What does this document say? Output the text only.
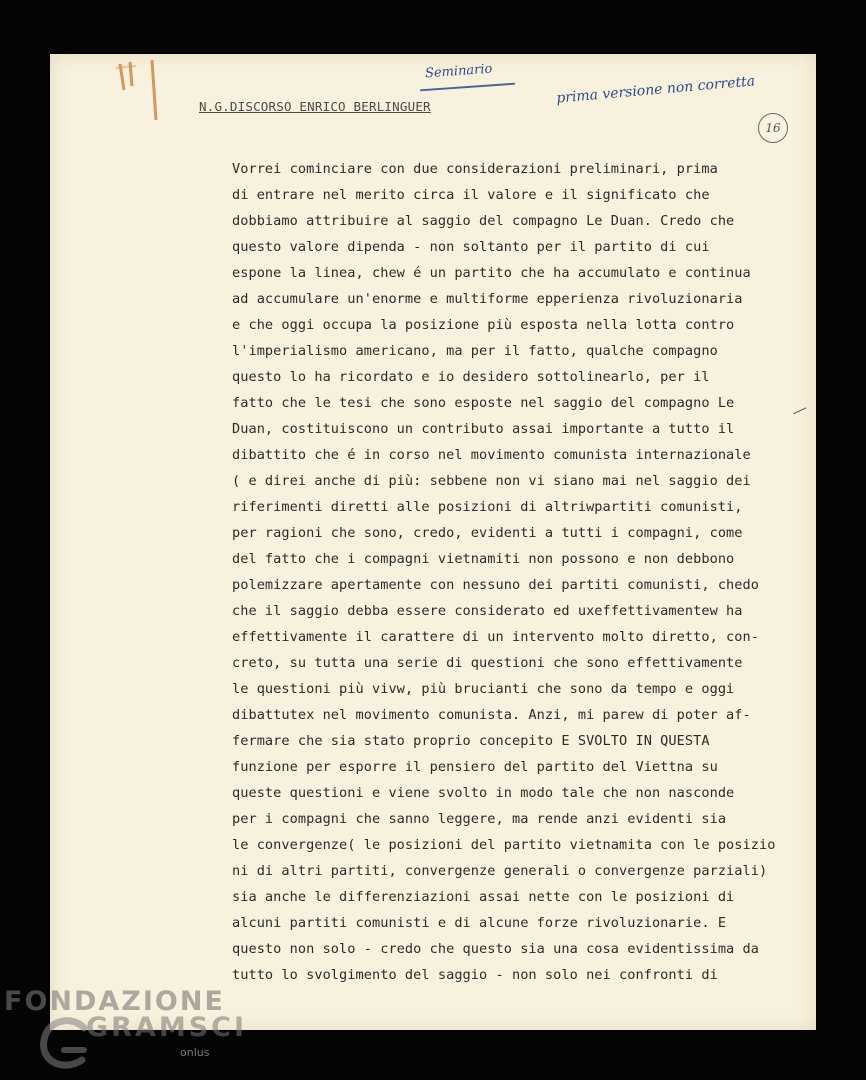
Seminario
prima versione non corretta
16
N.G.DISCORSO ENRICO BERLINGUER
Vorrei cominciare con due considerazioni preliminari, prima
di entrare nel merito circa il valore e il significato che
dobbiamo attribuire al saggio del compagno Le Duan. Credo che
questo valore dipenda - non soltanto per il partito di cui
espone la linea, chew é un partito che ha accumulato e continua
ad accumulare un'enorme e multiforme epperienza rivoluzionaria
e che oggi occupa la posizione più esposta nella lotta contro
l'imperialismo americano, ma per il fatto, qualche compagno
questo lo ha ricordato e io desidero sottolinearlo, per il
fatto che le tesi che sono esposte nel saggio del compagno Le
Duan, costituiscono un contributo assai importante a tutto il
dibattito che é in corso nel movimento comunista internazionale
( e direi anche di più: sebbene non vi siano mai nel saggio dei
riferimenti diretti alle posizioni di altriwpartiti comunisti,
per ragioni che sono, credo, evidenti a tutti i compagni, come
del fatto che i compagni vietnamiti non possono e non debbono
polemizzare apertamente con nessuno dei partiti comunisti, chedo
che il saggio debba essere considerato ed uxeffettivamentew ha
effettivamente il carattere di un intervento molto diretto, con-
creto, su tutta una serie di questioni che sono effettivamente
le questioni più vivw, più brucianti che sono da tempo e oggi
dibattutex nel movimento comunista. Anzi, mi parew di poter af-
fermare che sia stato proprio concepito E SVOLTO IN QUESTA
funzione per esporre il pensiero del partito del Viettna su
queste questioni e viene svolto in modo tale che non nasconde
per i compagni che sanno leggere, ma rende anzi evidenti sia
le convergenze( le posizioni del partito vietnamita con le posizio
ni di altri partiti, convergenze generali o convergenze parziali)
sia anche le differenziazioni assai nette con le posizioni di
alcuni partiti comunisti e di alcune forze rivoluzionarie. E
questo non solo - credo che questo sia una cosa evidentissima da
tutto lo svolgimento del saggio - non solo nei confronti di
FONDAZIONE
GRAMSCI
onlus
